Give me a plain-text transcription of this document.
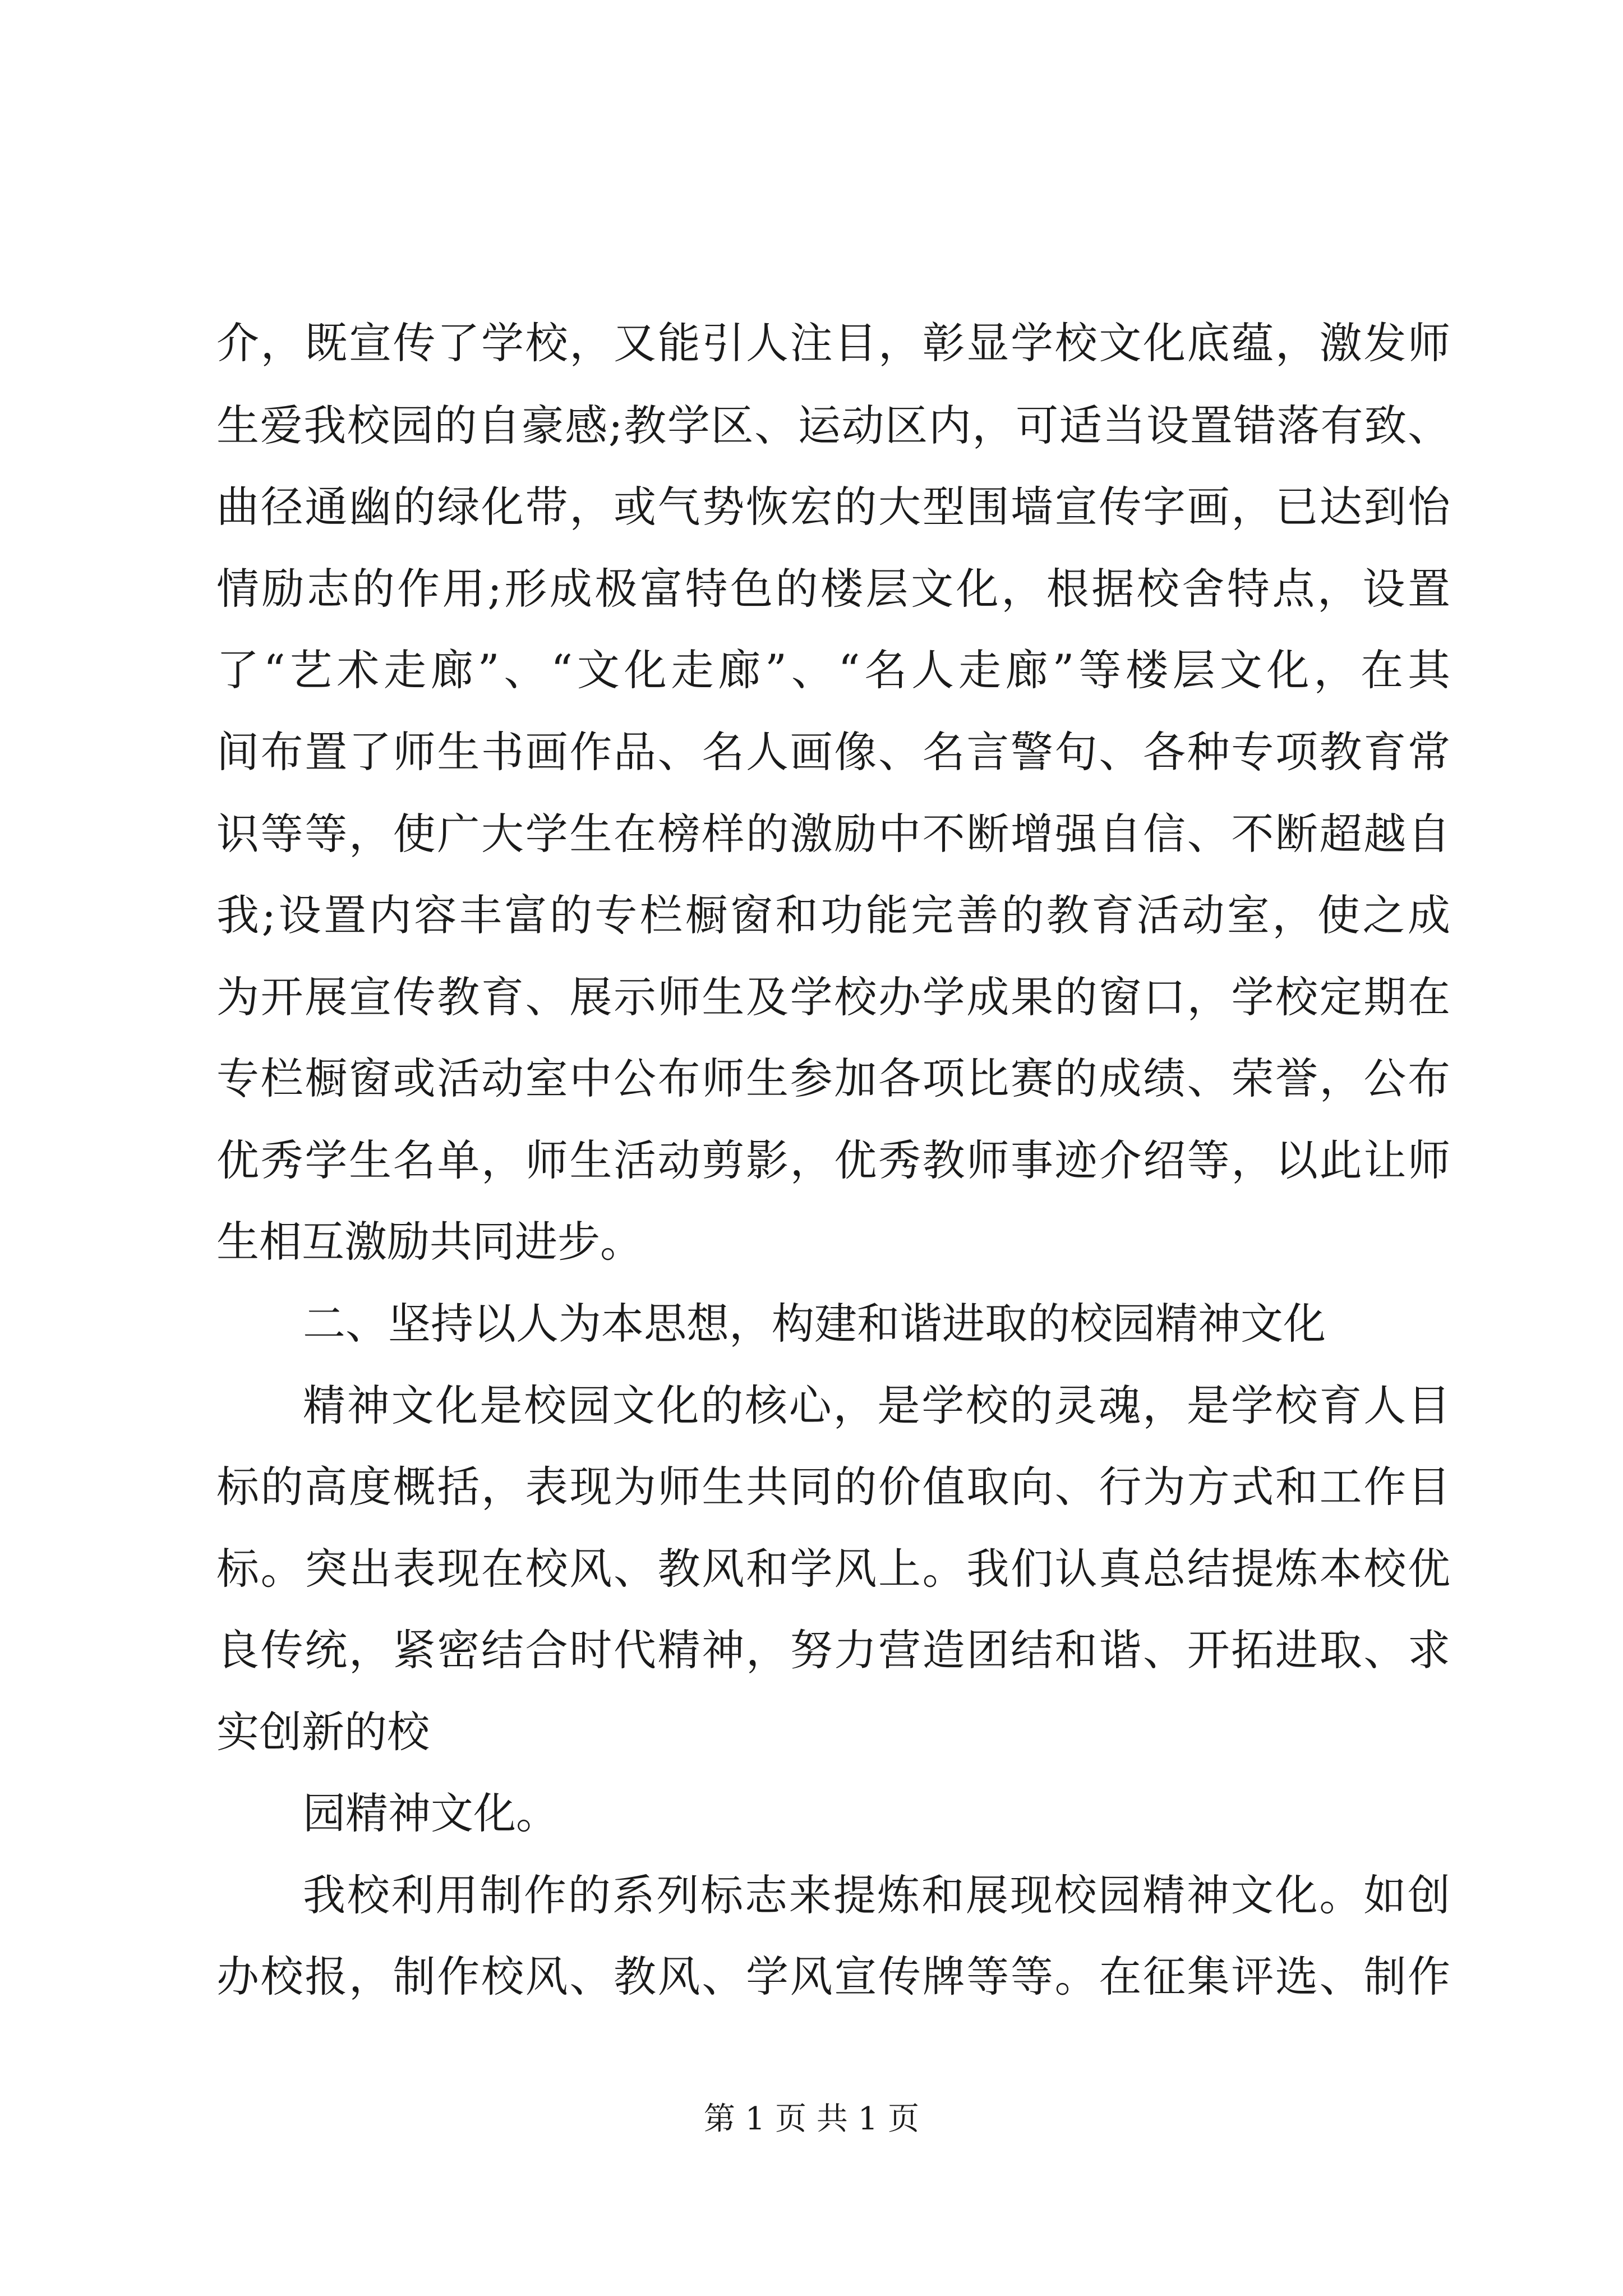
介，既宣传了学校，又能引人注目，彰显学校文化底蕴，激发师
生爱我校园的自豪感;教学区、运动区内，可适当设置错落有致、
曲径通幽的绿化带，或气势恢宏的大型围墙宣传字画，已达到怡
情励志的作用;形成极富特色的楼层文化，根据校舍特点，设置
了“艺术走廊”、“文化走廊”、“名人走廊”等楼层文化，在其
间布置了师生书画作品、名人画像、名言警句、各种专项教育常
识等等，使广大学生在榜样的激励中不断增强自信、不断超越自
我;设置内容丰富的专栏橱窗和功能完善的教育活动室，使之成
为开展宣传教育、展示师生及学校办学成果的窗口，学校定期在
专栏橱窗或活动室中公布师生参加各项比赛的成绩、荣誉，公布
优秀学生名单，师生活动剪影，优秀教师事迹介绍等，以此让师
生相互激励共同进步。
二、坚持以人为本思想，构建和谐进取的校园精神文化
精神文化是校园文化的核心，是学校的灵魂，是学校育人目
标的高度概括，表现为师生共同的价值取向、行为方式和工作目
标。突出表现在校风、教风和学风上。我们认真总结提炼本校优
良传统，紧密结合时代精神，努力营造团结和谐、开拓进取、求
实创新的校
园精神文化。
我校利用制作的系列标志来提炼和展现校园精神文化。如创
办校报，制作校风、教风、学风宣传牌等等。在征集评选、制作
第 1 页 共 1 页
